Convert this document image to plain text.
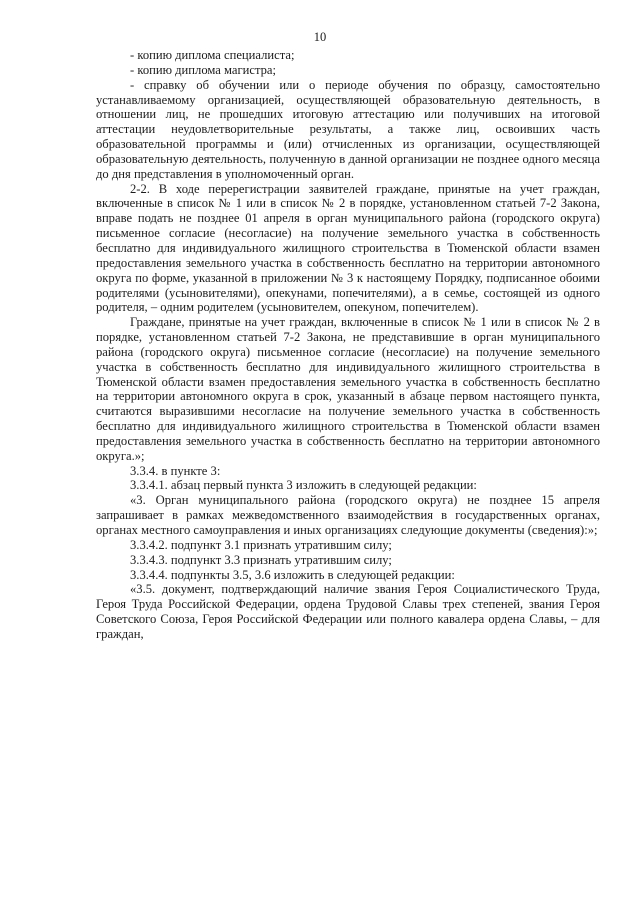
10

- копию диплома специалиста;

- копию диплома магистра;

- справку об обучении или о периоде обучения по образцу, самостоятельно устанавливаемому организацией, осуществляющей образовательную деятельность, в отношении лиц, не прошедших итоговую аттестацию или получивших на итоговой аттестации неудовлетворительные результаты, а также лиц, освоивших часть образовательной программы и (или) отчисленных из организации, осуществляющей образовательную деятельность, полученную в данной организации не позднее одного месяца до дня представления в уполномоченный орган.

2-2. В ходе перерегистрации заявителей граждане, принятые на учет граждан, включенные в список № 1 или в список № 2 в порядке, установленном статьей 7-2 Закона, вправе подать не позднее 01 апреля в орган муниципального района (городского округа) письменное согласие (несогласие) на получение земельного участка в собственность бесплатно для индивидуального жилищного строительства в Тюменской области взамен предоставления земельного участка в собственность бесплатно на территории автономного округа по форме, указанной в приложении № 3 к настоящему Порядку, подписанное обоими родителями (усыновителями), опекунами, попечителями), а в семье, состоящей из одного родителя, – одним родителем (усыновителем, опекуном, попечителем).

Граждане, принятые на учет граждан, включенные в список № 1 или в список № 2 в порядке, установленном статьей 7-2 Закона, не представившие в орган муниципального района (городского округа) письменное согласие (несогласие) на получение земельного участка в собственность бесплатно для индивидуального жилищного строительства в Тюменской области взамен предоставления земельного участка в собственность бесплатно на территории автономного округа в срок, указанный в абзаце первом настоящего пункта, считаются выразившими несогласие на получение земельного участка в собственность бесплатно для индивидуального жилищного строительства в Тюменской области взамен предоставления земельного участка в собственность бесплатно на территории автономного округа.»;

3.3.4. в пункте 3:

3.3.4.1. абзац первый пункта 3 изложить в следующей редакции:

«3. Орган муниципального района (городского округа) не позднее 15 апреля запрашивает в рамках межведомственного взаимодействия в государственных органах, органах местного самоуправления и иных организациях следующие документы (сведения):»;

3.3.4.2. подпункт 3.1 признать утратившим силу;

3.3.4.3. подпункт 3.3 признать утратившим силу;

3.3.4.4. подпункты 3.5, 3.6 изложить в следующей редакции:

«3.5. документ, подтверждающий наличие звания Героя Социалистического Труда, Героя Труда Российской Федерации, ордена Трудовой Славы трех степеней, звания Героя Советского Союза, Героя Российской Федерации или полного кавалера ордена Славы, – для граждан,
